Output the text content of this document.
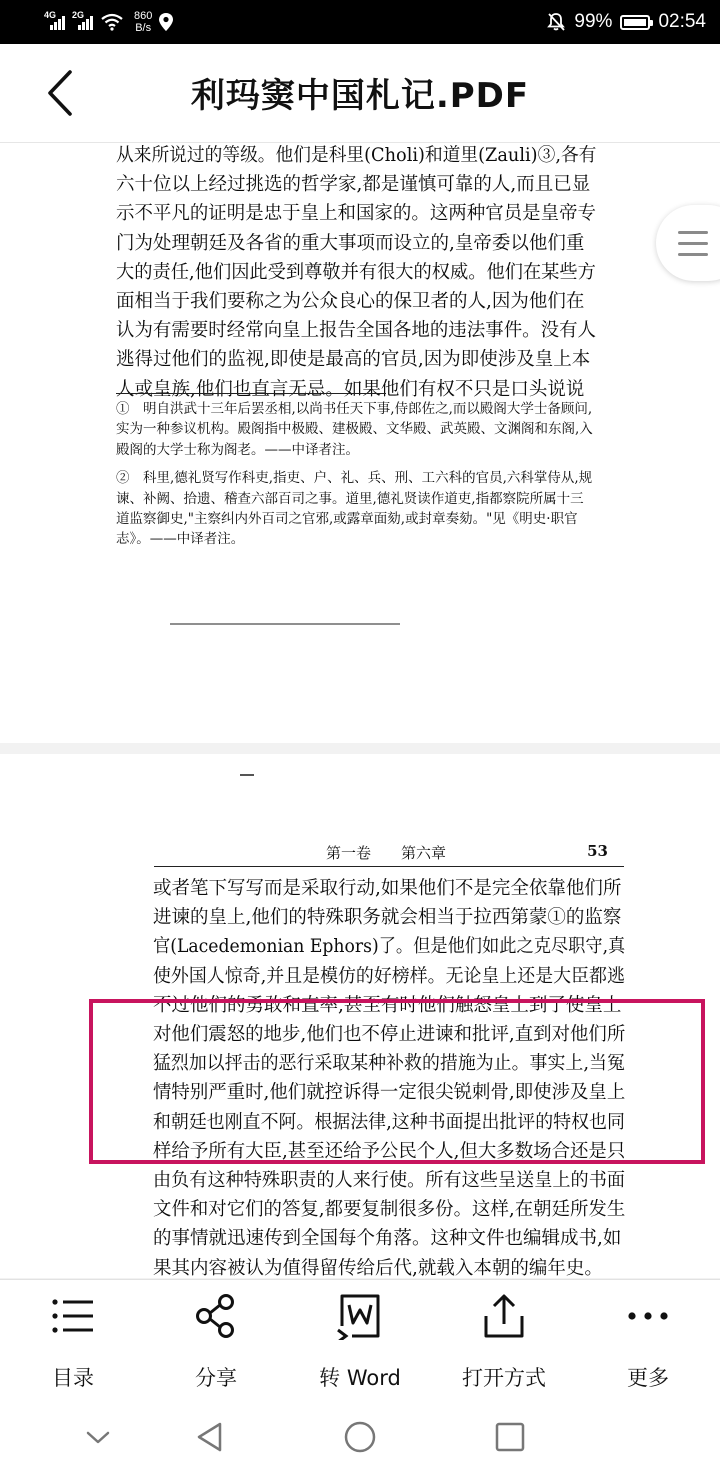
4G 2G	860
B/s	99% 02:54
利玛窦中国札记.PDF

从来所说过的等级。他们是科里(Choli)和道里(Zauli)③,各有

六十位以上经过挑选的哲学家,都是谨慎可靠的人,而且已显

示不平凡的证明是忠于皇上和国家的。这两种官员是皇帝专

门为处理朝廷及各省的重大事项而设立的,皇帝委以他们重

大的责任,他们因此受到尊敬并有很大的权威。他们在某些方

面相当于我们要称之为公众良心的保卫者的人,因为他们在

认为有需要时经常向皇上报告全国各地的违法事件。没有人

逃得过他们的监视,即使是最高的官员,因为即使涉及皇上本

人或皇族,他们也直言无忌。如果他们有权不只是口头说说

①　明自洪武十三年后罢丞相,以尚书任天下事,侍郎佐之,而以殿阁大学士备顾问,实为一种参议机构。殿阁指中极殿、建极殿、文华殿、武英殿、文渊阁和东阁,入殿阁的大学士称为阁老。——中译者注。

②　科里,德礼贤写作科吏,指吏、户、礼、兵、刑、工六科的官员,六科掌侍从,规谏、补阙、拾遗、稽查六部百司之事。道里,德礼贤读作道吏,指都察院所属十三道监察御史,"主察纠内外百司之官邪,或露章面劾,或封章奏劾。"见《明史·职官志》。——中译者注。

第一卷　　第六章	53

或者笔下写写而是采取行动,如果他们不是完全依靠他们所

进谏的皇上,他们的特殊职务就会相当于拉西第蒙①的监察

官(Lacedemonian Ephors)了。但是他们如此之克尽职守,真

使外国人惊奇,并且是模仿的好榜样。无论皇上还是大臣都逃

不过他们的勇敢和直率,甚至有时他们触怒皇上到了使皇上

对他们震怒的地步,他们也不停止进谏和批评,直到对他们所

猛烈加以抨击的恶行采取某种补救的措施为止。事实上,当冤

情特别严重时,他们就控诉得一定很尖锐刺骨,即使涉及皇上

和朝廷也刚直不阿。根据法律,这种书面提出批评的特权也同

样给予所有大臣,甚至还给予公民个人,但大多数场合还是只

由负有这种特殊职责的人来行使。所有这些呈送皇上的书面

文件和对它们的答复,都要复制很多份。这样,在朝廷所发生

的事情就迅速传到全国每个角落。这种文件也编辑成书,如

果其内容被认为值得留传给后代,就载入本朝的编年史。

目录	分享	转 Word	打开方式	更多
